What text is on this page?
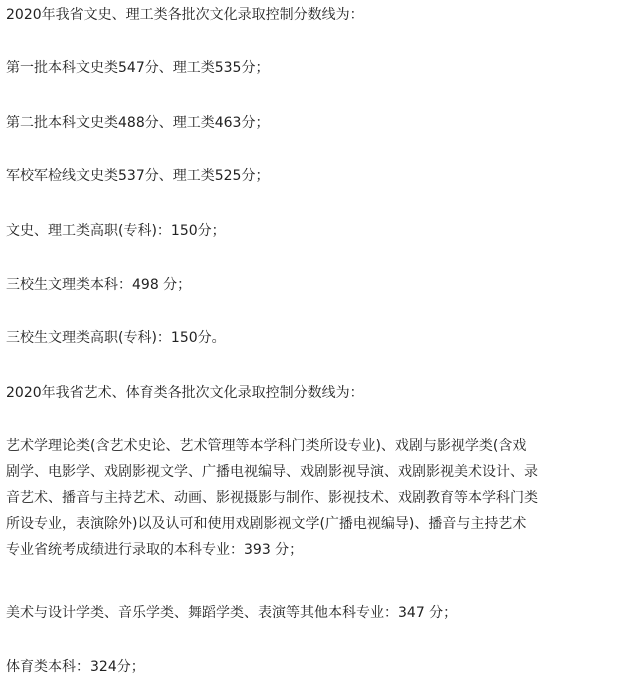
2020年我省文史、理工类各批次文化录取控制分数线为：

第一批本科文史类547分、理工类535分；

第二批本科文史类488分、理工类463分；

军校军检线文史类537分、理工类525分；

文史、理工类高职(专科)：150分；

三校生文理类本科：498 分；

三校生文理类高职(专科)：150分。

2020年我省艺术、体育类各批次文化录取控制分数线为：

艺术学理论类(含艺术史论、艺术管理等本学科门类所设专业)、戏剧与影视学类(含戏
剧学、电影学、戏剧影视文学、广播电视编导、戏剧影视导演、戏剧影视美术设计、录
音艺术、播音与主持艺术、动画、影视摄影与制作、影视技术、戏剧教育等本学科门类
所设专业，表演除外)以及认可和使用戏剧影视文学(广播电视编导)、播音与主持艺术
专业省统考成绩进行录取的本科专业：393 分；

美术与设计学类、音乐学类、舞蹈学类、表演等其他本科专业：347 分；

体育类本科：324分；
